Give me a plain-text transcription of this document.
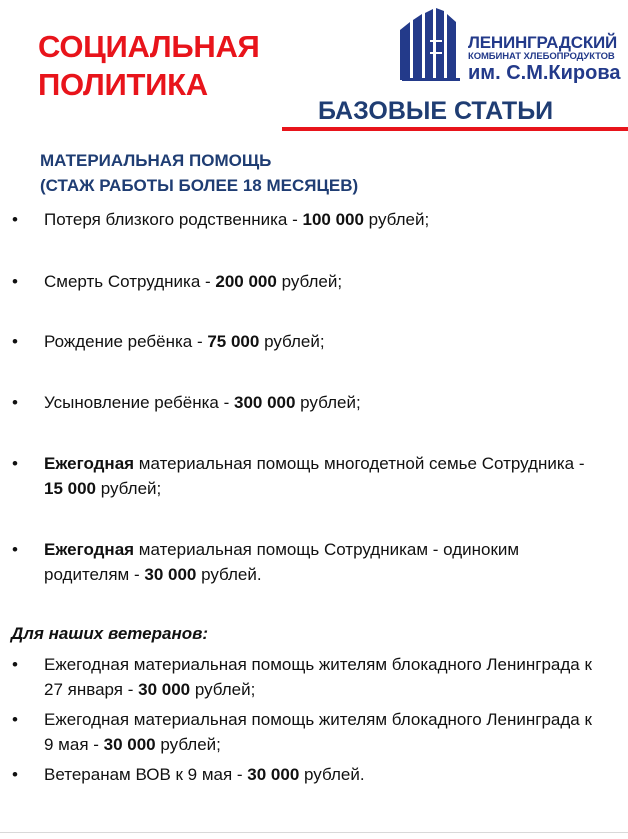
СОЦИАЛЬНАЯ
ПОЛИТИКА
ЛЕНИНГРАДСКИЙ
КОМБИНАТ ХЛЕБОПРОДУКТОВ
им. С.М.Кирова
БАЗОВЫЕ СТАТЬИ
МАТЕРИАЛЬНАЯ ПОМОЩЬ
(СТАЖ РАБОТЫ БОЛЕЕ 18 МЕСЯЦЕВ)
• Потеря близкого родственника - 100 000 рублей;
• Смерть Сотрудника - 200 000 рублей;
• Рождение ребёнка - 75 000 рублей;
• Усыновление ребёнка - 300 000 рублей;
• Ежегодная материальная помощь многодетной семье Сотрудника - 15 000 рублей;
• Ежегодная материальная помощь Сотрудникам - одиноким родителям - 30 000 рублей.
Для наших ветеранов:
• Ежегодная материальная помощь жителям блокадного Ленинграда к 27 января - 30 000 рублей;
• Ежегодная материальная помощь жителям блокадного Ленинграда к 9 мая - 30 000 рублей;
• Ветеранам ВОВ к 9 мая - 30 000 рублей.
